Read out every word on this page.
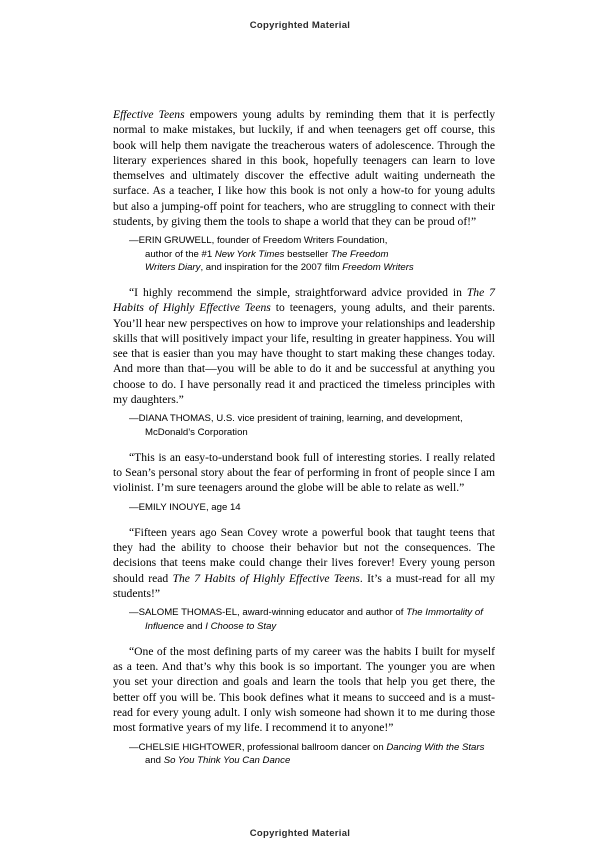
Copyrighted Material

Effective Teens empowers young adults by reminding them that it is perfectly normal to make mistakes, but luckily, if and when teenagers get off course, this book will help them navigate the treacherous waters of adolescence. Through the literary experiences shared in this book, hopefully teenagers can learn to love themselves and ultimately discover the effective adult waiting underneath the surface. As a teacher, I like how this book is not only a how-to for young adults but also a jumping-off point for teachers, who are struggling to connect with their students, by giving them the tools to shape a world that they can be proud of!”

—ERIN GRUWELL, founder of Freedom Writers Foundation,
author of the #1 New York Times bestseller The Freedom
Writers Diary, and inspiration for the 2007 film Freedom Writers

“I highly recommend the simple, straightforward advice provided in The 7 Habits of Highly Effective Teens to teenagers, young adults, and their parents. You’ll hear new perspectives on how to improve your relationships and leadership skills that will positively impact your life, resulting in greater happiness. You will see that is easier than you may have thought to start making these changes today. And more than that—you will be able to do it and be successful at anything you choose to do. I have personally read it and practiced the timeless principles with my daughters.”

—DIANA THOMAS, U.S. vice president of training, learning, and development,
McDonald’s Corporation

“This is an easy-to-understand book full of interesting stories. I really related to Sean’s personal story about the fear of performing in front of people since I am violinist. I’m sure teenagers around the globe will be able to relate as well.”

—EMILY INOUYE, age 14

“Fifteen years ago Sean Covey wrote a powerful book that taught teens that they had the ability to choose their behavior but not the consequences. The decisions that teens make could change their lives forever! Every young person should read The 7 Habits of Highly Effective Teens. It’s a must-read for all my students!”

—SALOME THOMAS-EL, award-winning educator and author of The Immortality of
Influence and I Choose to Stay

“One of the most defining parts of my career was the habits I built for myself as a teen. And that’s why this book is so important. The younger you are when you set your direction and goals and learn the tools that help you get there, the better off you will be. This book defines what it means to succeed and is a must-read for every young adult. I only wish someone had shown it to me during those most formative years of my life. I recommend it to anyone!”

—CHELSIE HIGHTOWER, professional ballroom dancer on Dancing With the Stars
and So You Think You Can Dance
Copyrighted Material
